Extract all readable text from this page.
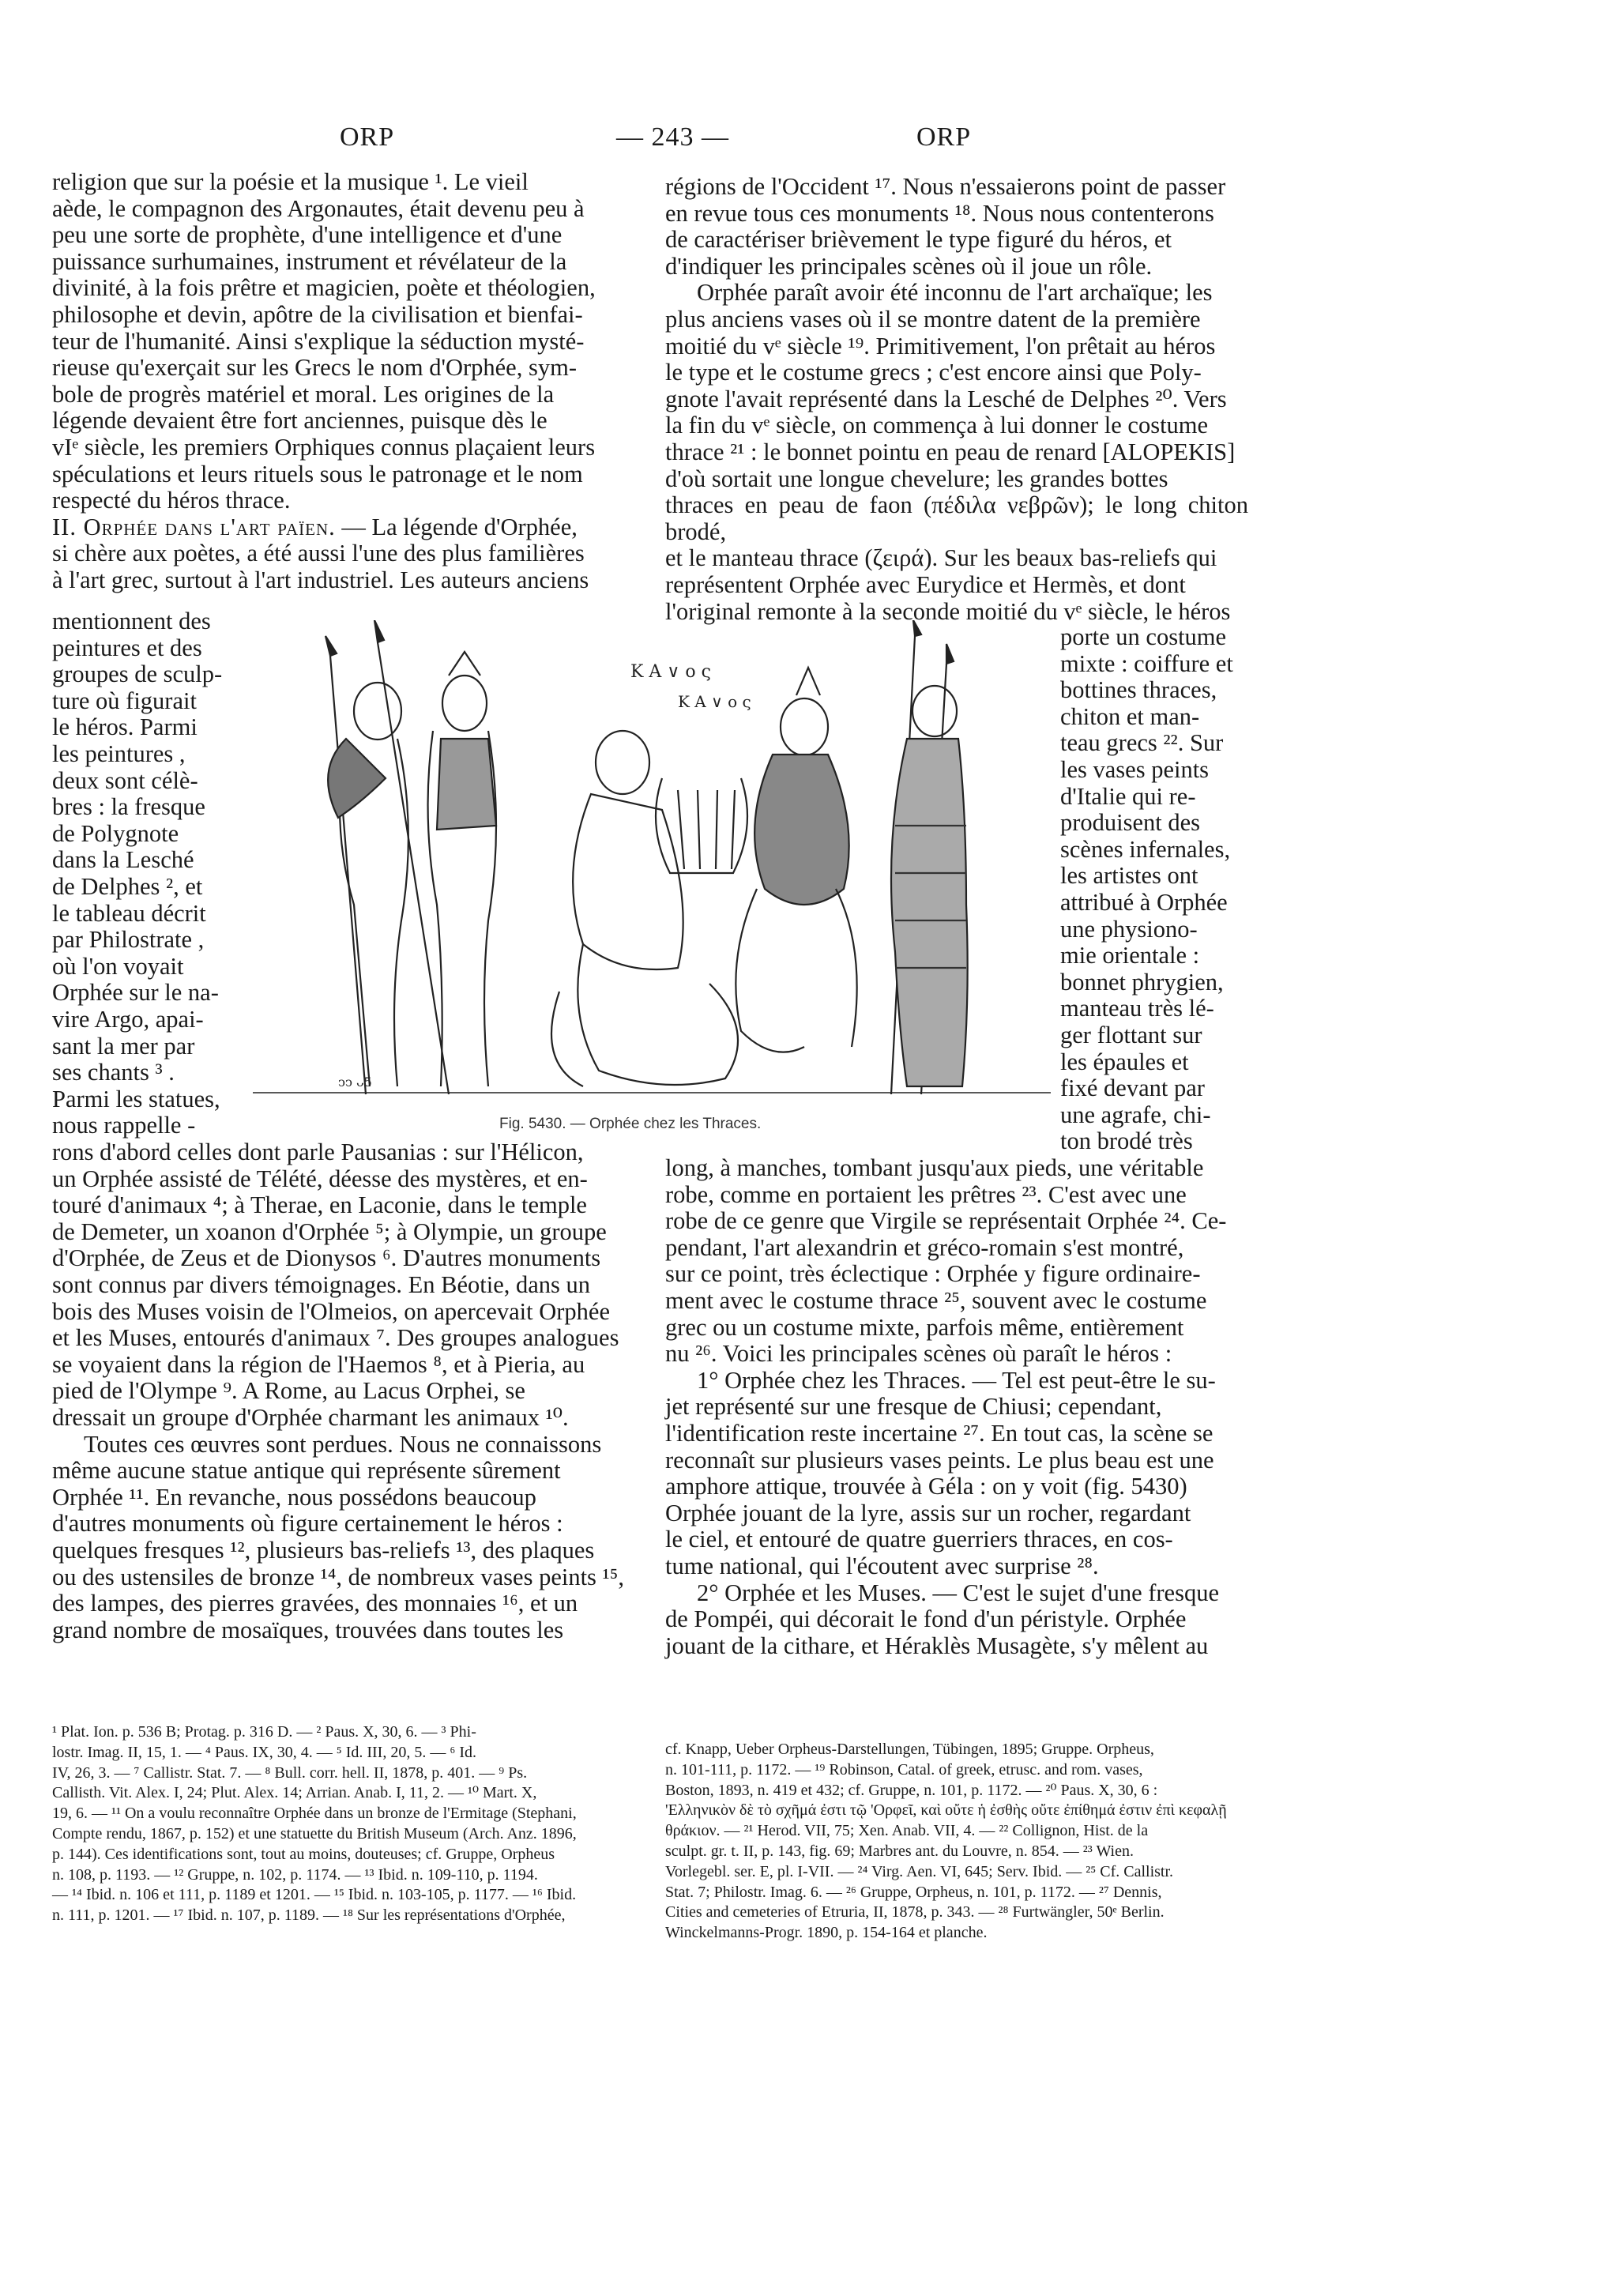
ORP	— 243 —	ORP

religion que sur la poésie et la musique ¹. Le vieil

aède, le compagnon des Argonautes, était devenu peu à

peu une sorte de prophète, d'une intelligence et d'une

puissance surhumaines, instrument et révélateur de la

divinité, à la fois prêtre et magicien, poète et théologien,

philosophe et devin, apôtre de la civilisation et bienfai-

teur de l'humanité. Ainsi s'explique la séduction mysté-

rieuse qu'exerçait sur les Grecs le nom d'Orphée, sym-

bole de progrès matériel et moral. Les origines de la

légende devaient être fort anciennes, puisque dès le

vIᵉ siècle, les premiers Orphiques connus plaçaient leurs

spéculations et leurs rituels sous le patronage et le nom

respecté du héros thrace.

II. Orphée dans l'art païen. — La légende d'Orphée,

si chère aux poètes, a été aussi l'une des plus familières

à l'art grec, surtout à l'art industriel. Les auteurs anciens

mentionnent des

peintures et des

groupes de sculp-

ture où figurait

le héros. Parmi

les peintures ,

deux sont célè-

bres : la fresque

de Polygnote

dans la Lesché

de Delphes ², et

le tableau décrit

par Philostrate ,

où l'on voyait

Orphée sur le na-

vire Argo, apai-

sant la mer par

ses chants ³ .

Parmi les statues,

nous rappelle -

rons d'abord celles dont parle Pausanias : sur l'Hélicon,

un Orphée assisté de Télété, déesse des mystères, et en-

touré d'animaux ⁴; à Therae, en Laconie, dans le temple

de Demeter, un xoanon d'Orphée ⁵; à Olympie, un groupe

d'Orphée, de Zeus et de Dionysos ⁶. D'autres monuments

sont connus par divers témoignages. En Béotie, dans un

bois des Muses voisin de l'Olmeios, on apercevait Orphée

et les Muses, entourés d'animaux ⁷. Des groupes analogues

se voyaient dans la région de l'Haemos ⁸, et à Pieria, au

pied de l'Olympe ⁹. A Rome, au Lacus Orphei, se

dressait un groupe d'Orphée charmant les animaux ¹⁰.

Toutes ces œuvres sont perdues. Nous ne connaissons

même aucune statue antique qui représente sûrement

Orphée ¹¹. En revanche, nous possédons beaucoup

d'autres monuments où figure certainement le héros :

quelques fresques ¹², plusieurs bas-reliefs ¹³, des plaques

ou des ustensiles de bronze ¹⁴, de nombreux vases peints ¹⁵,

des lampes, des pierres gravées, des monnaies ¹⁶, et un

grand nombre de mosaïques, trouvées dans toutes les

régions de l'Occident ¹⁷. Nous n'essaierons point de passer

en revue tous ces monuments ¹⁸. Nous nous contenterons

de caractériser brièvement le type figuré du héros, et

d'indiquer les principales scènes où il joue un rôle.

Orphée paraît avoir été inconnu de l'art archaïque; les

plus anciens vases où il se montre datent de la première

moitié du vᵉ siècle ¹⁹. Primitivement, l'on prêtait au héros

le type et le costume grecs ; c'est encore ainsi que Poly-

gnote l'avait représenté dans la Lesché de Delphes ²⁰. Vers

la fin du vᵉ siècle, on commença à lui donner le costume

thrace ²¹ : le bonnet pointu en peau de renard [ALOPEKIS]

d'où sortait une longue chevelure; les grandes bottes

thraces en peau de faon (πέδιλα νεβρῶν); le long chiton brodé,

et le manteau thrace (ζειρά). Sur les beaux bas-reliefs qui

représentent Orphée avec Eurydice et Hermès, et dont

l'original remonte à la seconde moitié du vᵉ siècle, le héros

porte un costume

mixte : coiffure et

bottines thraces,

chiton et man-

teau grecs ²². Sur

les vases peints

d'Italie qui re-

produisent des

scènes infernales,

les artistes ont

attribué à Orphée

une physiono-

mie orientale :

bonnet phrygien,

manteau très lé-

ger flottant sur

les épaules et

fixé devant par

une agrafe, chi-

ton brodé très

long, à manches, tombant jusqu'aux pieds, une véritable

robe, comme en portaient les prêtres ²³. C'est avec une

robe de ce genre que Virgile se représentait Orphée ²⁴. Ce-

pendant, l'art alexandrin et gréco-romain s'est montré,

sur ce point, très éclectique : Orphée y figure ordinaire-

ment avec le costume thrace ²⁵, souvent avec le costume

grec ou un costume mixte, parfois même, entièrement

nu ²⁶. Voici les principales scènes où paraît le héros :

1° Orphée chez les Thraces. — Tel est peut-être le su-

jet représenté sur une fresque de Chiusi; cependant,

l'identification reste incertaine ²⁷. En tout cas, la scène se

reconnaît sur plusieurs vases peints. Le plus beau est une

amphore attique, trouvée à Géla : on y voit (fig. 5430)

Orphée jouant de la lyre, assis sur un rocher, regardant

le ciel, et entouré de quatre guerriers thraces, en cos-

tume national, qui l'écoutent avec surprise ²⁸.

2° Orphée et les Muses. — C'est le sujet d'une fresque

de Pompéi, qui décorait le fond d'un péristyle. Orphée

jouant de la cithare, et Héraklès Musagète, s'y mêlent au

Κ Α ∨ ο ς
Κ Α ∨ ο ς
ↄↄ ᴗ5
Fig. 5430. — Orphée chez les Thraces.

¹ Plat. Ion. p. 536 B; Protag. p. 316 D. — ² Paus. X, 30, 6. — ³ Phi-

lostr. Imag. II, 15, 1. — ⁴ Paus. IX, 30, 4. — ⁵ Id. III, 20, 5. — ⁶ Id.

IV, 26, 3. — ⁷ Callistr. Stat. 7. — ⁸ Bull. corr. hell. II, 1878, p. 401. — ⁹ Ps.

Callisth. Vit. Alex. I, 24; Plut. Alex. 14; Arrian. Anab. I, 11, 2. — ¹⁰ Mart. X,

19, 6. — ¹¹ On a voulu reconnaître Orphée dans un bronze de l'Ermitage (Stephani,

Compte rendu, 1867, p. 152) et une statuette du British Museum (Arch. Anz. 1896,

p. 144). Ces identifications sont, tout au moins, douteuses; cf. Gruppe, Orpheus

n. 108, p. 1193. — ¹² Gruppe, n. 102, p. 1174. — ¹³ Ibid. n. 109-110, p. 1194.

— ¹⁴ Ibid. n. 106 et 111, p. 1189 et 1201. — ¹⁵ Ibid. n. 103-105, p. 1177. — ¹⁶ Ibid.

n. 111, p. 1201. — ¹⁷ Ibid. n. 107, p. 1189. — ¹⁸ Sur les représentations d'Orphée,

cf. Knapp, Ueber Orpheus-Darstellungen, Tübingen, 1895; Gruppe. Orpheus,

n. 101-111, p. 1172. — ¹⁹ Robinson, Catal. of greek, etrusc. and rom. vases,

Boston, 1893, n. 419 et 432; cf. Gruppe, n. 101, p. 1172. — ²⁰ Paus. X, 30, 6 :

'Ελληνικὸν δὲ τὸ σχῆμά ἐστι τῷ 'Ορφεῖ, καὶ οὔτε ἡ ἐσθὴς οὔτε ἐπίθημά ἐστιν ἐπὶ κεφαλῇ

θράκιον. — ²¹ Herod. VII, 75; Xen. Anab. VII, 4. — ²² Collignon, Hist. de la

sculpt. gr. t. II, p. 143, fig. 69; Marbres ant. du Louvre, n. 854. — ²³ Wien.

Vorlegebl. ser. E, pl. I-VII. — ²⁴ Virg. Aen. VI, 645; Serv. Ibid. — ²⁵ Cf. Callistr.

Stat. 7; Philostr. Imag. 6. — ²⁶ Gruppe, Orpheus, n. 101, p. 1172. — ²⁷ Dennis,

Cities and cemeteries of Etruria, II, 1878, p. 343. — ²⁸ Furtwängler, 50ᵉ Berlin.

Winckelmanns-Progr. 1890, p. 154-164 et planche.
